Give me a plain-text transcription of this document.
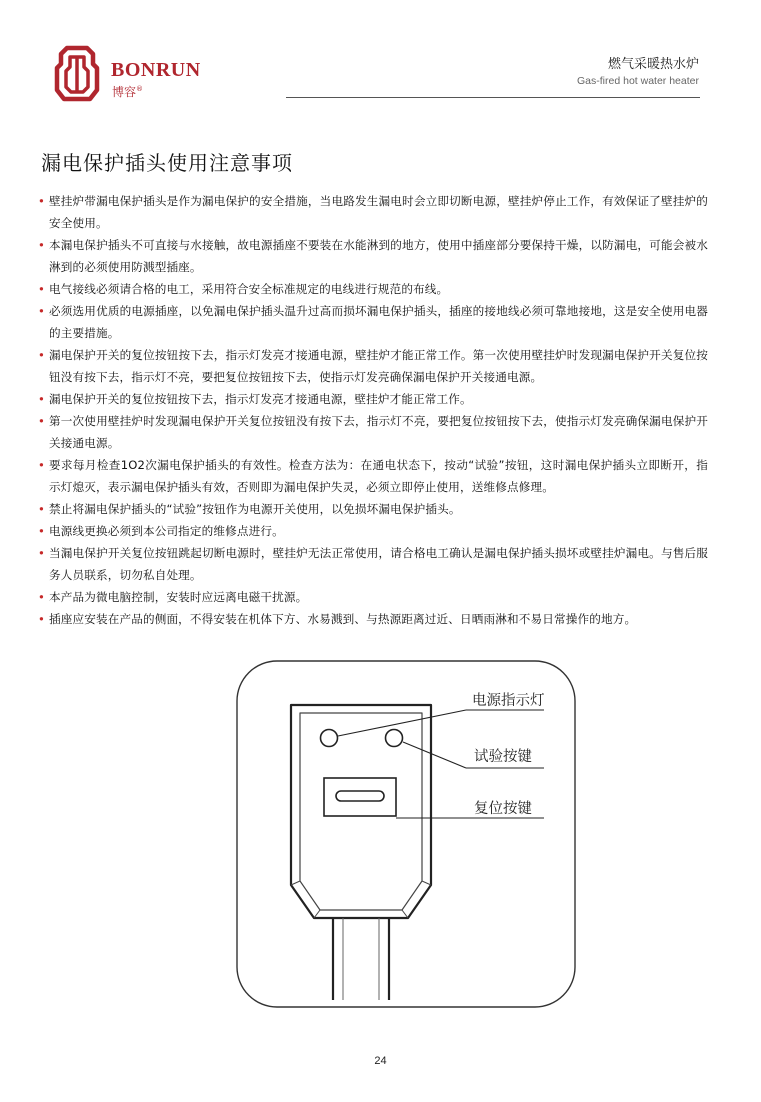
BONRUN
博容®
燃气采暖热水炉
Gas-fired hot water heater
漏电保护插头使用注意事项
• 壁挂炉带漏电保护插头是作为漏电保护的安全措施，当电路发生漏电时会立即切断电源，壁挂炉停止工作，有效保证了壁挂炉的安全使用。
• 本漏电保护插头不可直接与水接触，故电源插座不要装在水能淋到的地方，使用中插座部分要保持干燥，以防漏电，可能会被水淋到的必须使用防溅型插座。
• 电气接线必须请合格的电工，采用符合安全标准规定的电线进行规范的布线。
• 必须选用优质的电源插座，以免漏电保护插头温升过高而损坏漏电保护插头，插座的接地线必须可靠地接地，这是安全使用电器的主要措施。
• 漏电保护开关的复位按钮按下去，指示灯发亮才接通电源，壁挂炉才能正常工作。第一次使用壁挂炉时发现漏电保护开关复位按钮没有按下去，指示灯不亮，要把复位按钮按下去，使指示灯发亮确保漏电保护开关接通电源。
• 漏电保护开关的复位按钮按下去，指示灯发亮才接通电源，壁挂炉才能正常工作。
• 第一次使用壁挂炉时发现漏电保护开关复位按钮没有按下去，指示灯不亮，要把复位按钮按下去，使指示灯发亮确保漏电保护开关接通电源。
• 要求每月检查1O2次漏电保护插头的有效性。检查方法为：在通电状态下，按动“试验”按钮，这时漏电保护插头立即断开，指示灯熄灭，表示漏电保护插头有效，否则即为漏电保护失灵，必须立即停止使用，送维修点修理。
• 禁止将漏电保护插头的“试验”按钮作为电源开关使用，以免损坏漏电保护插头。
• 电源线更换必须到本公司指定的维修点进行。
• 当漏电保护开关复位按钮跳起切断电源时，壁挂炉无法正常使用，请合格电工确认是漏电保护插头损坏或壁挂炉漏电。与售后服务人员联系，切勿私自处理。
• 本产品为微电脑控制，安装时应远离电磁干扰源。
• 插座应安装在产品的侧面，不得安装在机体下方、水易溅到、与热源距离过近、日晒雨淋和不易日常操作的地方。
电源指示灯
试验按键
复位按键
24
